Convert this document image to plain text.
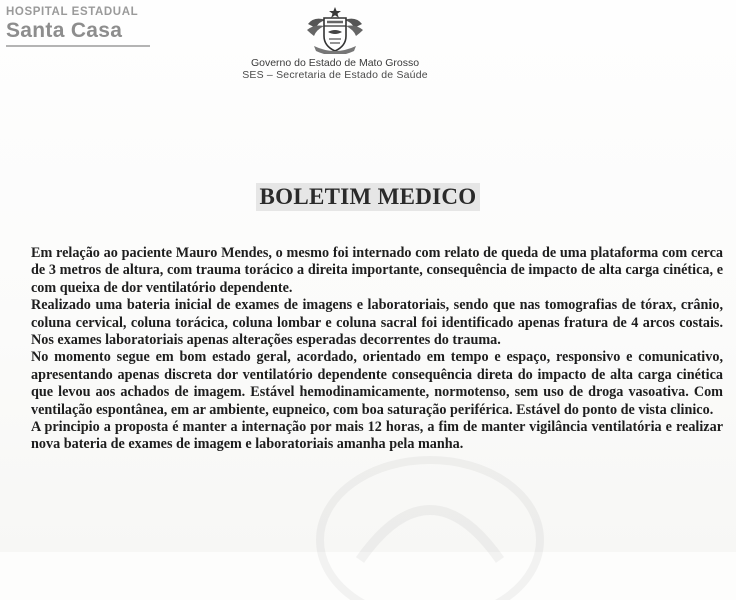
HOSPITAL ESTADUAL
Santa Casa
Governo do Estado de Mato Grosso
SES – Secretaria de Estado de Saúde
BOLETIM MEDICO

Em relação ao paciente Mauro Mendes, o mesmo foi internado com relato de queda de uma plataforma com cerca de 3 metros de altura, com trauma torácico a direita importante, consequência de impacto de alta carga cinética, e com queixa de dor ventilatório dependente.

Realizado uma bateria inicial de exames de imagens e laboratoriais, sendo que nas tomografias de tórax, crânio, coluna cervical, coluna torácica, coluna lombar e coluna sacral foi identificado apenas fratura de 4 arcos costais. Nos exames laboratoriais apenas alterações esperadas decorrentes do trauma.

No momento segue em bom estado geral, acordado, orientado em tempo e espaço, responsivo e comunicativo, apresentando apenas discreta dor ventilatório dependente consequência direta do impacto de alta carga cinética que levou aos achados de imagem. Estável hemodinamicamente, normotenso, sem uso de droga vasoativa. Com ventilação espontânea, em ar ambiente, eupneico, com boa saturação periférica. Estável do ponto de vista clinico.

A principio a proposta é manter a internação por mais 12 horas, a fim de manter vigilância ventilatória e realizar nova bateria de exames de imagem e laboratoriais amanha pela manha.
